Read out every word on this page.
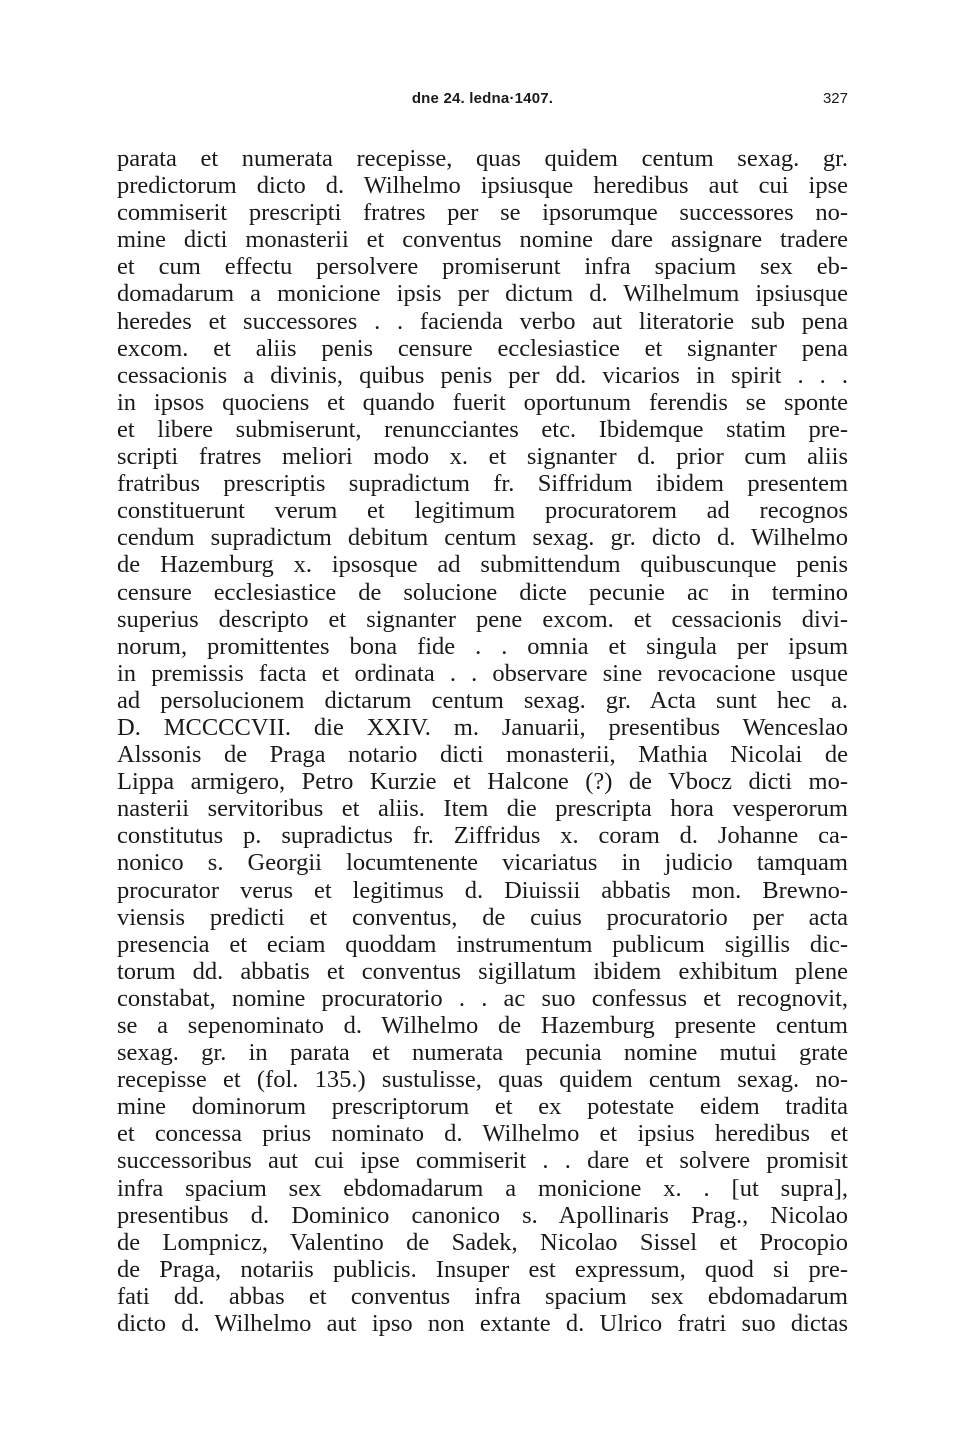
dne 24. ledna·1407.	327
parata et numerata recepisse, quas quidem centum sexag. gr.
predictorum dicto d. Wilhelmo ipsiusque heredibus aut cui ipse
commiserit prescripti fratres per se ipsorumque successores no-
mine dicti monasterii et conventus nomine dare assignare tradere
et cum effectu persolvere promiserunt infra spacium sex eb-
domadarum a monicione ipsis per dictum d. Wilhelmum ipsiusque
heredes et successores . . facienda verbo aut literatorie sub pena
excom. et aliis penis censure ecclesiastice et signanter pena
cessacionis a divinis, quibus penis per dd. vicarios in spirit . . .
in ipsos quociens et quando fuerit oportunum ferendis se sponte
et libere submiserunt, renuncciantes etc. Ibidemque statim pre-
scripti fratres meliori modo x. et signanter d. prior cum aliis
fratribus prescriptis supradictum fr. Siffridum ibidem presentem
constituerunt verum et legitimum procuratorem ad recognos
cendum supradictum debitum centum sexag. gr. dicto d. Wilhelmo
de Hazemburg x. ipsosque ad submittendum quibuscunque penis
censure ecclesiastice de solucione dicte pecunie ac in termino
superius descripto et signanter pene excom. et cessacionis divi-
norum, promittentes bona fide . . omnia et singula per ipsum
in premissis facta et ordinata . . observare sine revocacione usque
ad persolucionem dictarum centum sexag. gr. Acta sunt hec a.
D. MCCCCVII. die XXIV. m. Januarii, presentibus Wenceslao
Alssonis de Praga notario dicti monasterii, Mathia Nicolai de
Lippa armigero, Petro Kurzie et Halcone (?) de Vbocz dicti mo-
nasterii servitoribus et aliis. Item die prescripta hora vesperorum
constitutus p. supradictus fr. Ziffridus x. coram d. Johanne ca-
nonico s. Georgii locumtenente vicariatus in judicio tamquam
procurator verus et legitimus d. Diuissii abbatis mon. Brewno-
viensis predicti et conventus, de cuius procuratorio per acta
presencia et eciam quoddam instrumentum publicum sigillis dic-
torum dd. abbatis et conventus sigillatum ibidem exhibitum plene
constabat, nomine procuratorio . . ac suo confessus et recognovit,
se a sepenominato d. Wilhelmo de Hazemburg presente centum
sexag. gr. in parata et numerata pecunia nomine mutui grate
recepisse et (fol. 135.) sustulisse, quas quidem centum sexag. no-
mine dominorum prescriptorum et ex potestate eidem tradita
et concessa prius nominato d. Wilhelmo et ipsius heredibus et
successoribus aut cui ipse commiserit . . dare et solvere promisit
infra spacium sex ebdomadarum a monicione x. . [ut supra],
presentibus d. Dominico canonico s. Apollinaris Prag., Nicolao
de Lompnicz, Valentino de Sadek, Nicolao Sissel et Procopio
de Praga, notariis publicis. Insuper est expressum, quod si pre-
fati dd. abbas et conventus infra spacium sex ebdomadarum
dicto d. Wilhelmo aut ipso non extante d. Ulrico fratri suo dictas
